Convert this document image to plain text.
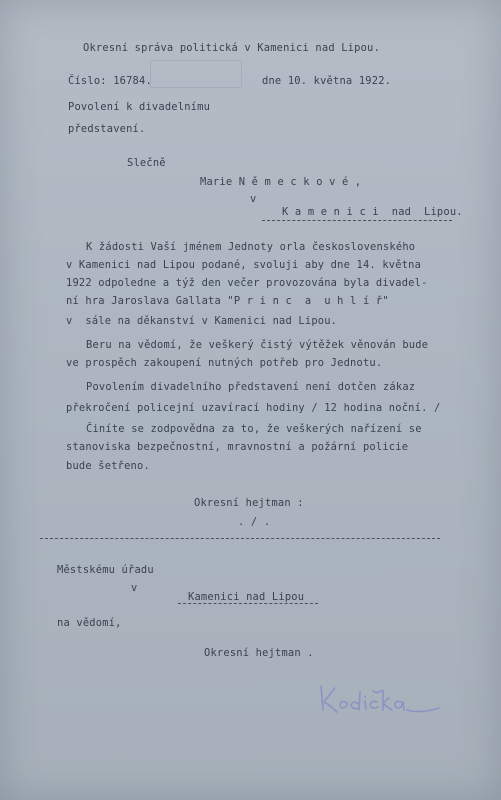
Okresní správa politická v Kamenici nad Lipou.
Číslo: 16784.	dne 10. května 1922.
Povolení k divadelnímu
představení.
Slečně
Marie N ě m e c k o v é ,
v
K a m e n i c i  nad  Lipou.
K žádosti Vaší jménem Jednoty orla československého
v Kamenici nad Lipou podané, svoluji aby dne 14. května
1922 odpoledne a týž den večer provozována byla divadel-
ní hra Jaroslava Gallata "P r i n c  a  u h l í ř"
v  sále na děkanství v Kamenici nad Lipou.
Beru na vědomí, že veškerý čistý výtěžek věnován bude
ve prospěch zakoupení nutných potřeb pro Jednotu.
Povolením divadelního představení není dotčen zákaz
překročení policejní uzavírací hodiny / 12 hodina noční. /
Činíte se zodpovědna za to, že veškerých nařízení se
stanoviska bezpečnostní, mravnostní a požární policie
bude šetřeno.
Okresní hejtman :
. / .
Městskému úřadu
v
Kamenici nad Lipou
na vědomí,
Okresní hejtman .
